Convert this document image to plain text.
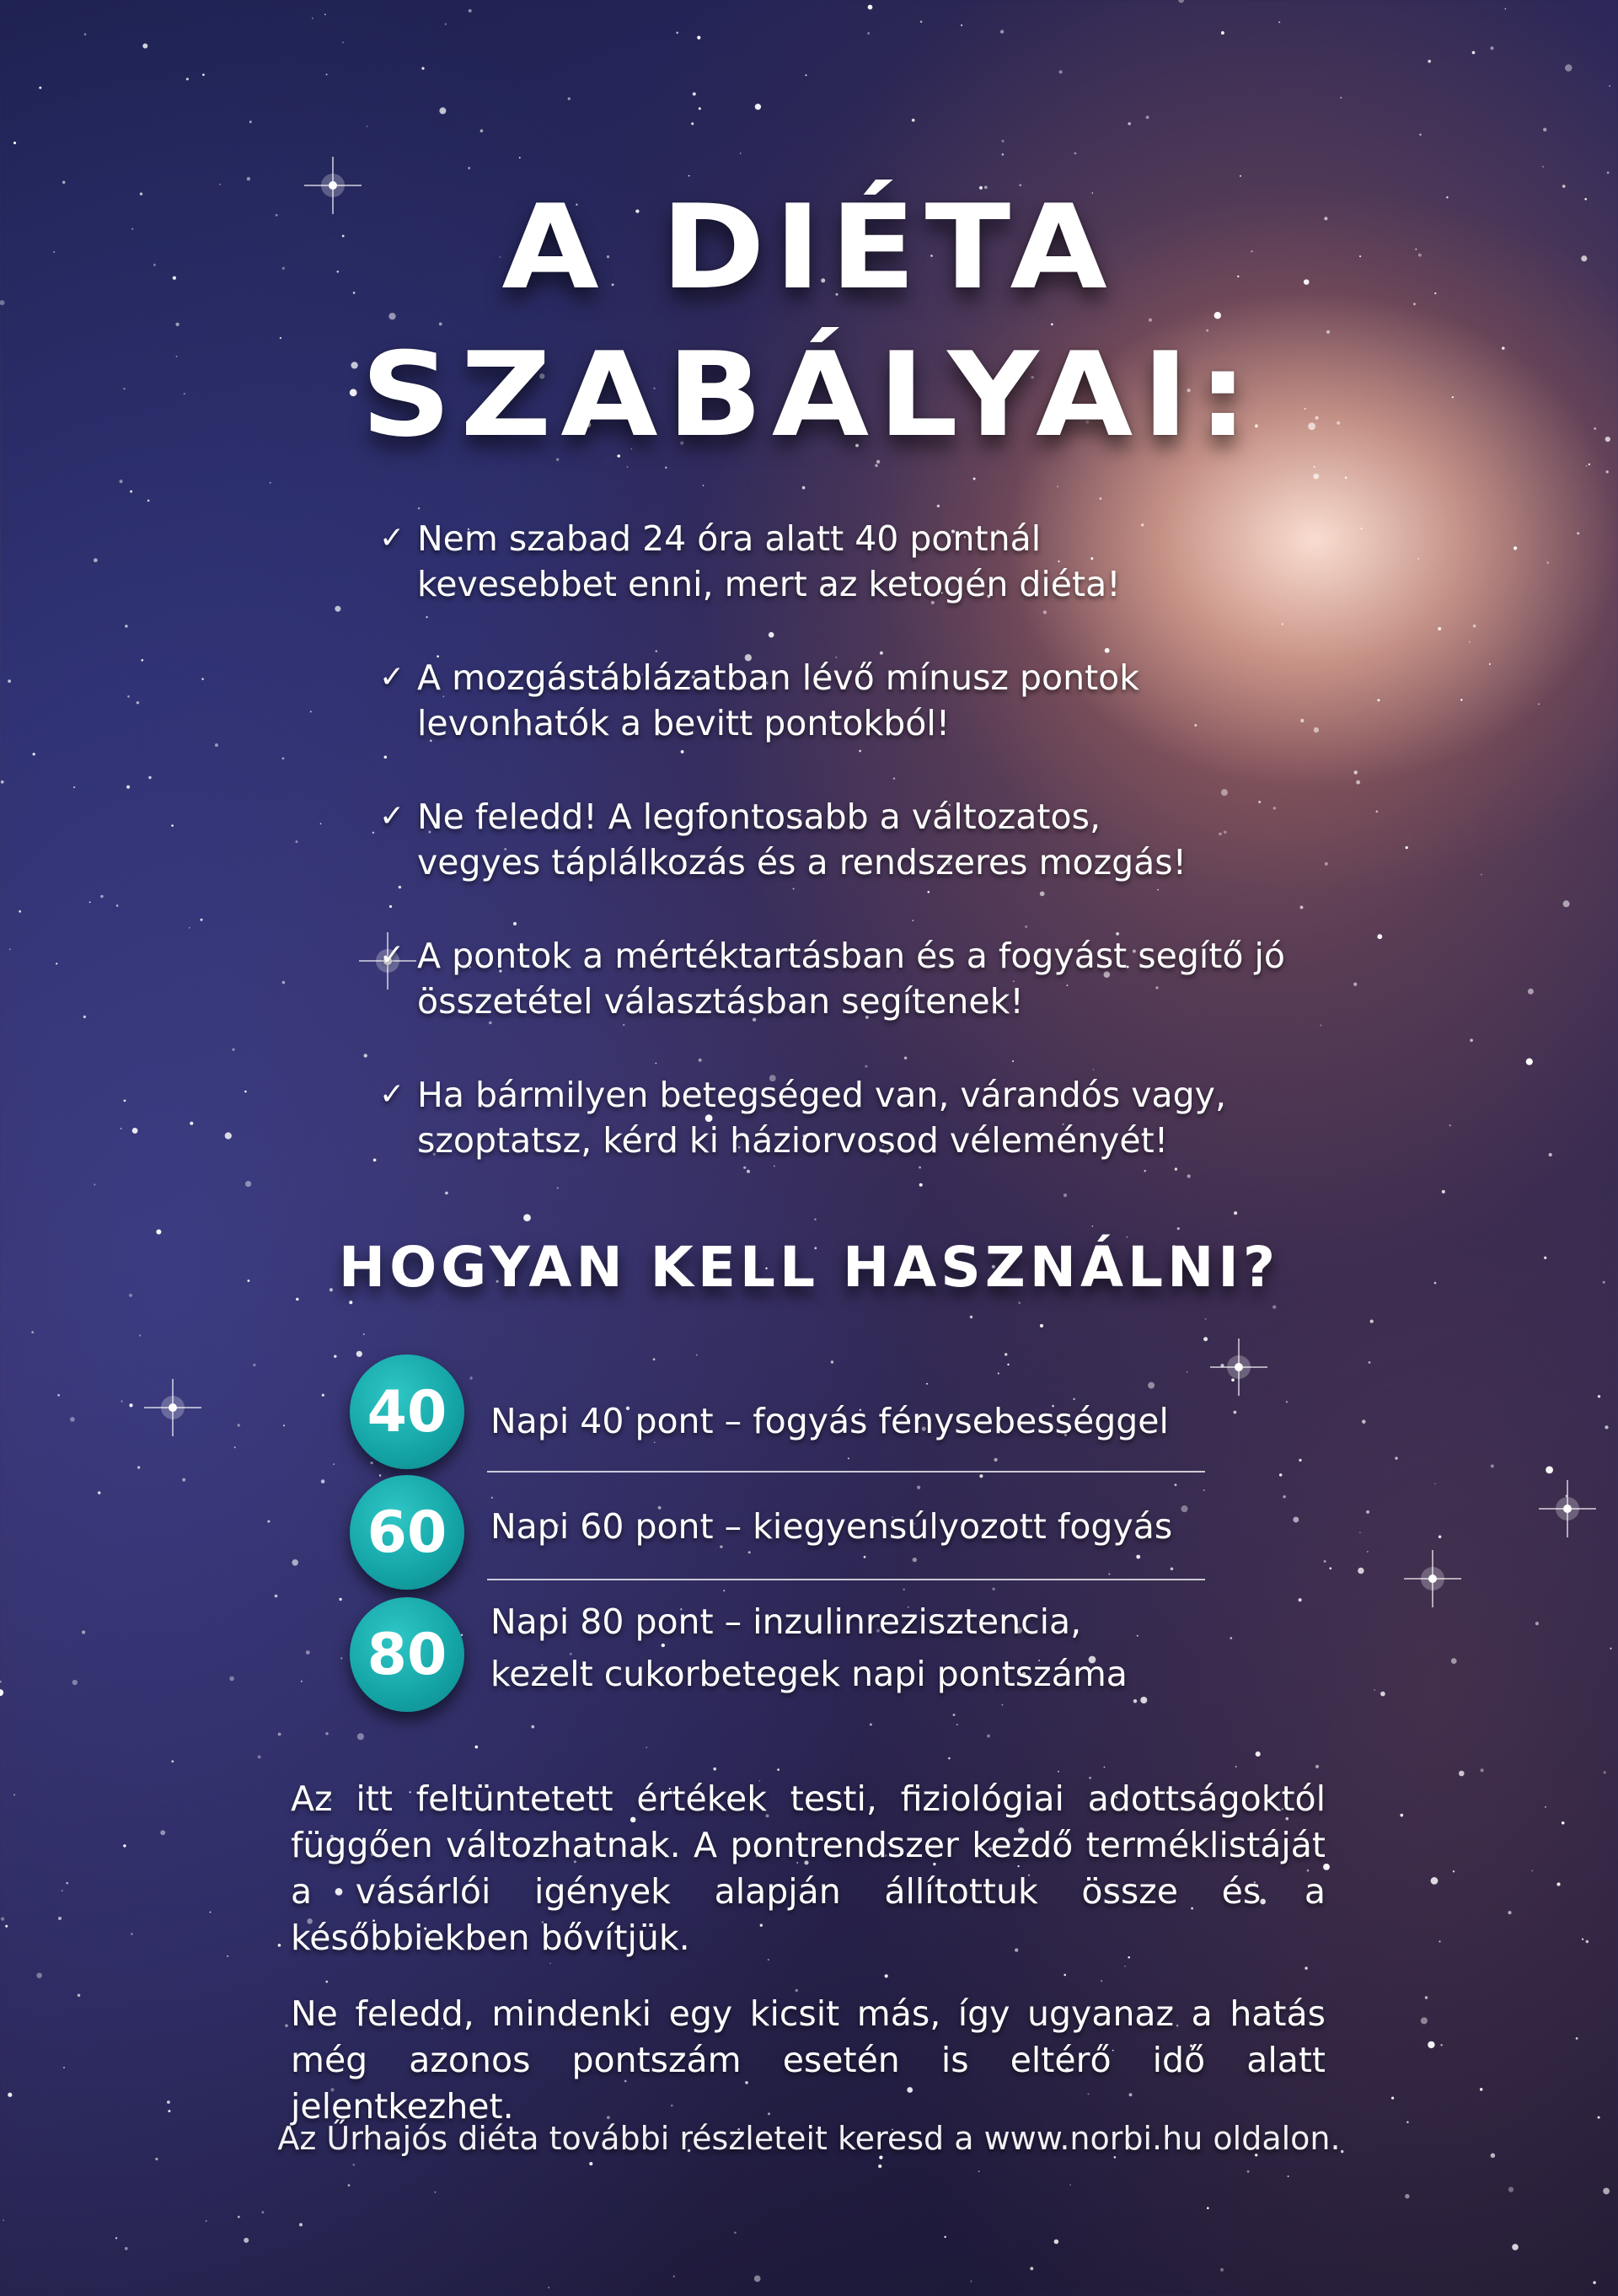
A DIÉTA
SZABÁLYAI:
✓ Nem szabad 24 óra alatt 40 pontnál
kevesebbet enni, mert az ketogén diéta!
✓ A mozgástáblázatban lévő mínusz pontok
levonhatók a bevitt pontokból!
✓ Ne feledd! A legfontosabb a változatos,
vegyes táplálkozás és a rendszeres mozgás!
✓ A pontok a mértéktartásban és a fogyást segítő jó
összetétel választásban segítenek!
✓ Ha bármilyen betegséged van, várandós vagy,
szoptatsz, kérd ki háziorvosod véleményét!
HOGYAN KELL HASZNÁLNI?
40	Napi 40 pont – fogyás fénysebességgel
60	Napi 60 pont – kiegyensúlyozott fogyás
80	Napi 80 pont – inzulinrezisztencia,
kezelt cukorbetegek napi pontszáma

Az itt feltüntetett értékek testi, fiziológiai adottságoktól függően változhatnak. A pontrendszer kezdő terméklistáját a vásárlói igények alapján állítottuk össze és a későbbiekben bővítjük.

Ne feledd, mindenki egy kicsit más, így ugyanaz a hatás még azonos pontszám esetén is eltérő idő alatt jelentkezhet.

Az Űrhajós diéta további részleteit keresd a www.norbi.hu oldalon.
